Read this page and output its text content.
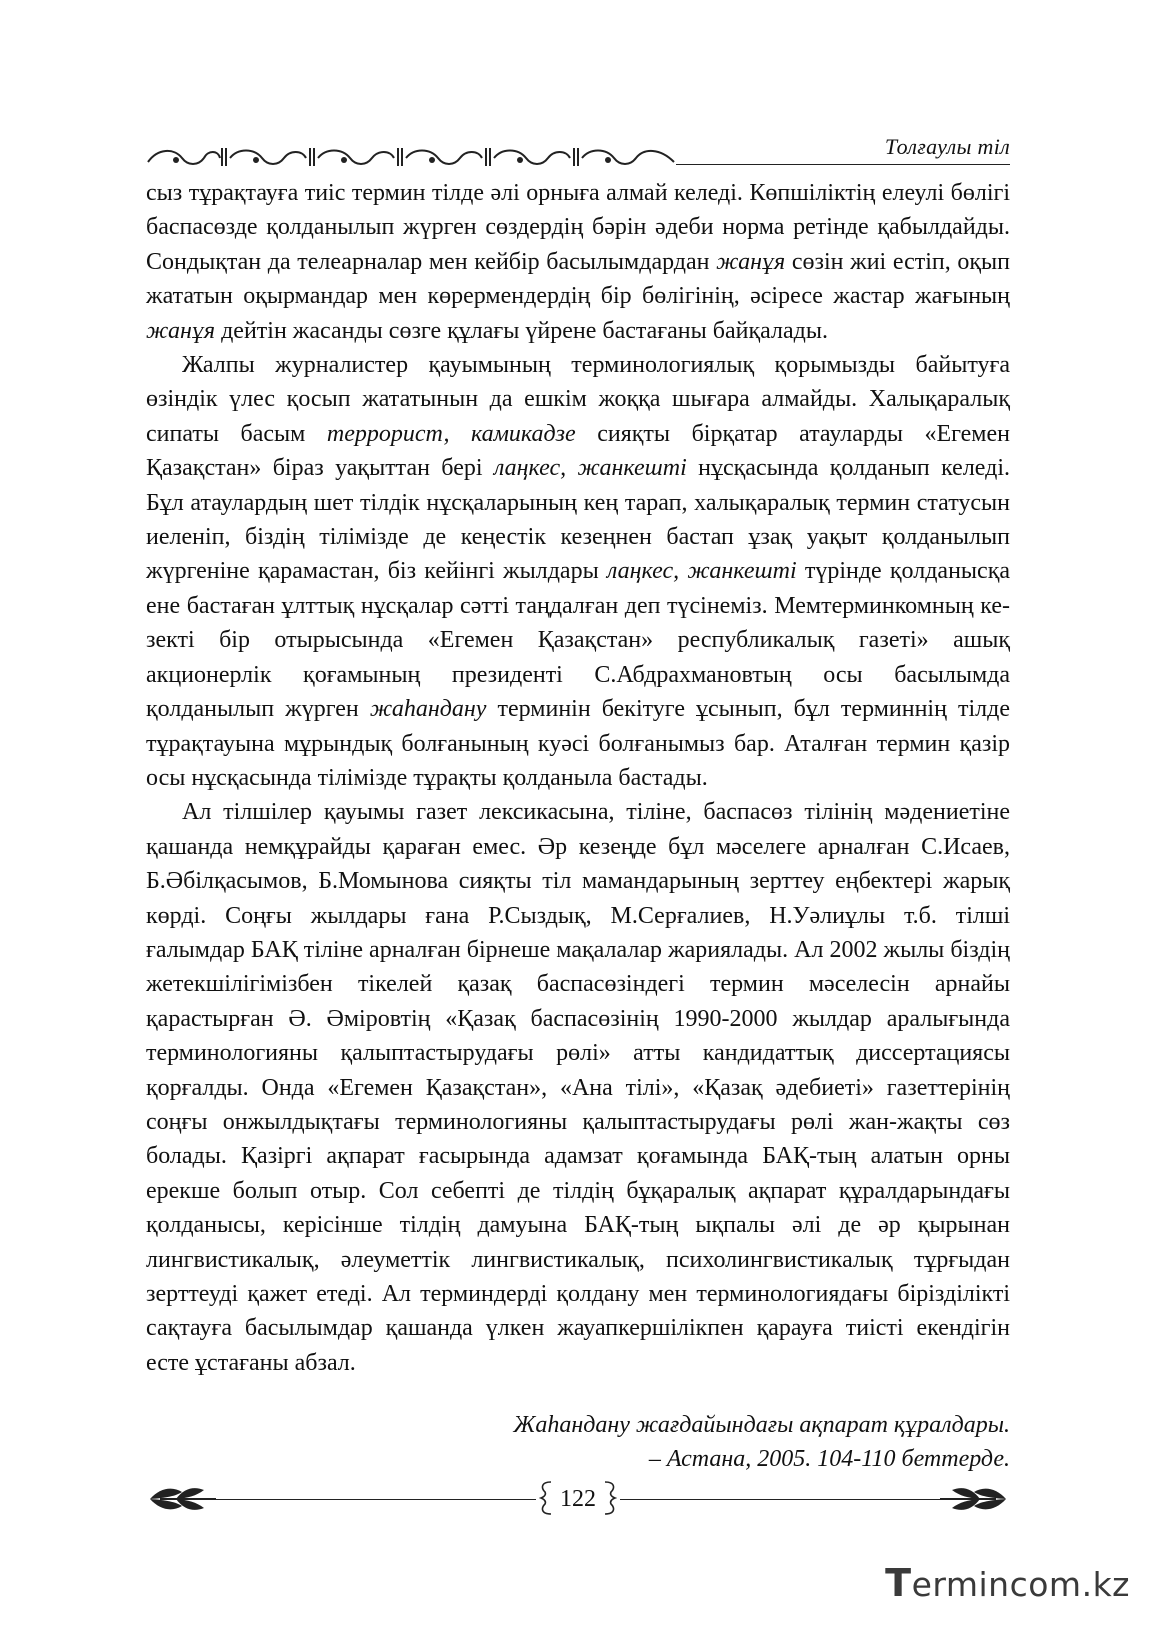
Толғаулы тіл

сыз тұрақтауға тиіс термин тілде әлі орнығa алмай келеді. Көпшіліктің елеулі бөлігі баспасөзде қолданылып жүрген сөздердің бәрін әдеби норма ретінде қабылдайды. Сондықтан да телеарналар мен кейбір басылымдардан жанұя сөзін жиі естіп, оқып жататын оқырмандар мен көрермендердің бір бөлігінің, әсіресе жастар жағының жанұя дейтін жасанды сөзге құлағы үйрене бастағаны байқалады.

Жалпы журналистер қауымының терминологиялық қорымызды байытуға өзіндік үлес қосып жататынын да ешкім жоққа шығара алмайды. Халықаралық сипаты басым террорист, камикадзе сияқты бірқатар атауларды «Егемен Қазақстан» біраз уақыттан бері лаңкес, жанкешті нұсқасында қолданып келеді. Бұл атаулардың шет тілдік нұсқаларының кең тарап, халықаралық термин статусын иеленіп, біздің тілімізде де кеңестік кезеңнен бастап ұзақ уақыт қолданылып жүргеніне қарамастан, біз кейінгі жылдары лаңкес, жанкешті түрінде қолданысқа ене бастаған ұлттық нұсқалар сәтті таңдалған деп түсінеміз. Мемтерминкомның кезекті бір отырысында «Егемен Қазақстан» республикалық газеті» ашық акционерлік қоғамының президенті С.Абдрахмановтың осы басылымда қолданылып жүрген жаһандану терминін бекітуге ұсынып, бұл терминнің тілде тұрақтауына мұрындық болғанының куәсі болғанымыз бар. Аталған термин қазір осы нұсқасында тілімізде тұрақты қолданыла бастады.

Ал тілшілер қауымы газет лексикасына, тіліне, баспасөз тілінің мәдениетіне қашанда немқұрайды қараған емес. Әр кезеңде бұл мәселеге арналған С.Исаев, Б.Әбілқасымов, Б.Момынова сияқты тіл мамандарының зерттеу еңбектері жарық көрді. Соңғы жылдары ғана Р.Сыздық, М.Серғалиев, Н.Уәлиұлы т.б. тілші ғалымдар БАҚ тіліне арналған бірнеше мақалалар жариялады. Ал 2002 жылы біздің жетекшілігімізбен тікелей қазақ баспасөзіндегі термин мәселесін арнайы қарастырған Ә. Әміровтің «Қазақ баспасөзінің 1990-2000 жылдар аралығында терминологияны қалыптастырудағы рөлі» атты кандидаттық диссертациясы қорғалды. Онда «Егемен Қазақстан», «Ана тілі», «Қазақ әдебиеті» газеттерінің соңғы онжылдықтағы терминологияны қалыптастырудағы рөлі жан-жақты сөз болады. Қазіргі ақпарат ғасырында адамзат қоғамында БАҚ-тың алатын орны ерекше болып отыр. Сол себепті де тілдің бұқаралық ақпарат құралдарындағы қолданысы, керісінше тілдің дамуына БАҚ-тың ықпалы әлі де әр қырынан лингвистикалық, әлеуметтік лингвистикалық, психолингвистикалық тұрғыдан зерттеуді қажет етеді. Ал терминдерді қолдану мен терминологиядағы бірізділікті сақтауға басылымдар қашанда үлкен жауапкершілікпен қарауға тиісті екендігін есте ұстағаны абзал.

Жаһандану жағдайындағы ақпарат құралдары.
– Астана, 2005. 104-110 беттерде.
122
Termincom.kz
